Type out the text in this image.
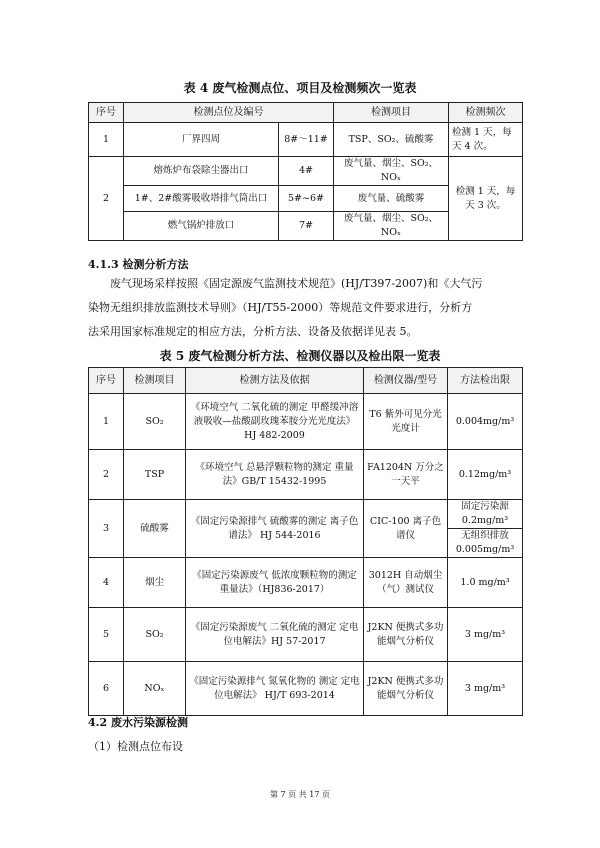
表 4 废气检测点位、项目及检测频次一览表
序号	检测点位及编号		检测项目	检测频次
1	厂界四周	8#～11#	TSP、SO₂、硫酸雾	检测 1 天，每天 4 次。
2	熔炼炉布袋除尘器出口	4#	废气量、烟尘、SO₂、NOₓ	检测 1 天，每天 3 次。
	1#、2#酸雾吸收塔排气筒出口	5#~6#	废气量、硫酸雾	
	燃气锅炉排放口	7#	废气量、烟尘、SO₂、NOₓ	
4.1.3 检测分析方法
废气现场采样按照《固定源废气监测技术规范》(HJ/T397-2007)和《大气污
染物无组织排放监测技术导则》（HJ/T55-2000）等规范文件要求进行，分析方
法采用国家标准规定的相应方法，分析方法、设备及依据详见表 5。
表 5 废气检测分析方法、检测仪器以及检出限一览表
序号	检测项目	检测方法及依据	检测仪器/型号	方法检出限
1	SO₂	《环境空气 二氧化硫的测定 甲醛缓冲溶液吸收—盐酸副玫瑰苯胺分光光度法》HJ 482-2009	T6 紫外可见分光光度计	0.004mg/m³
2	TSP	《环境空气 总悬浮颗粒物的测定 重量法》GB/T 15432-1995	FA1204N 万分之一天平	0.12mg/m³
3	硫酸雾	《固定污染源排气 硫酸雾的测定 离子色谱法》 HJ 544-2016	CIC-100 离子色谱仪	固定污染源 0.2mg/m³
无组织排放 0.005mg/m³

4	烟尘	《固定污染源废气 低浓度颗粒物的测定 重量法》（HJ836-2017）	3012H 自动烟尘（气）测试仪	1.0 mg/m³
5	SO₂	《固定污染源废气 二氧化硫的测定 定电位电解法》HJ 57-2017	J2KN 便携式多功能烟气分析仪	3 mg/m³
6	NOₓ	《固定污染源排气 氮氧化物的 测定 定电位电解法》 HJ/T 693-2014	J2KN 便携式多功能烟气分析仪	3 mg/m³
4.2 废水污染源检测
（1）检测点位布设
第 7 页 共 17 页
